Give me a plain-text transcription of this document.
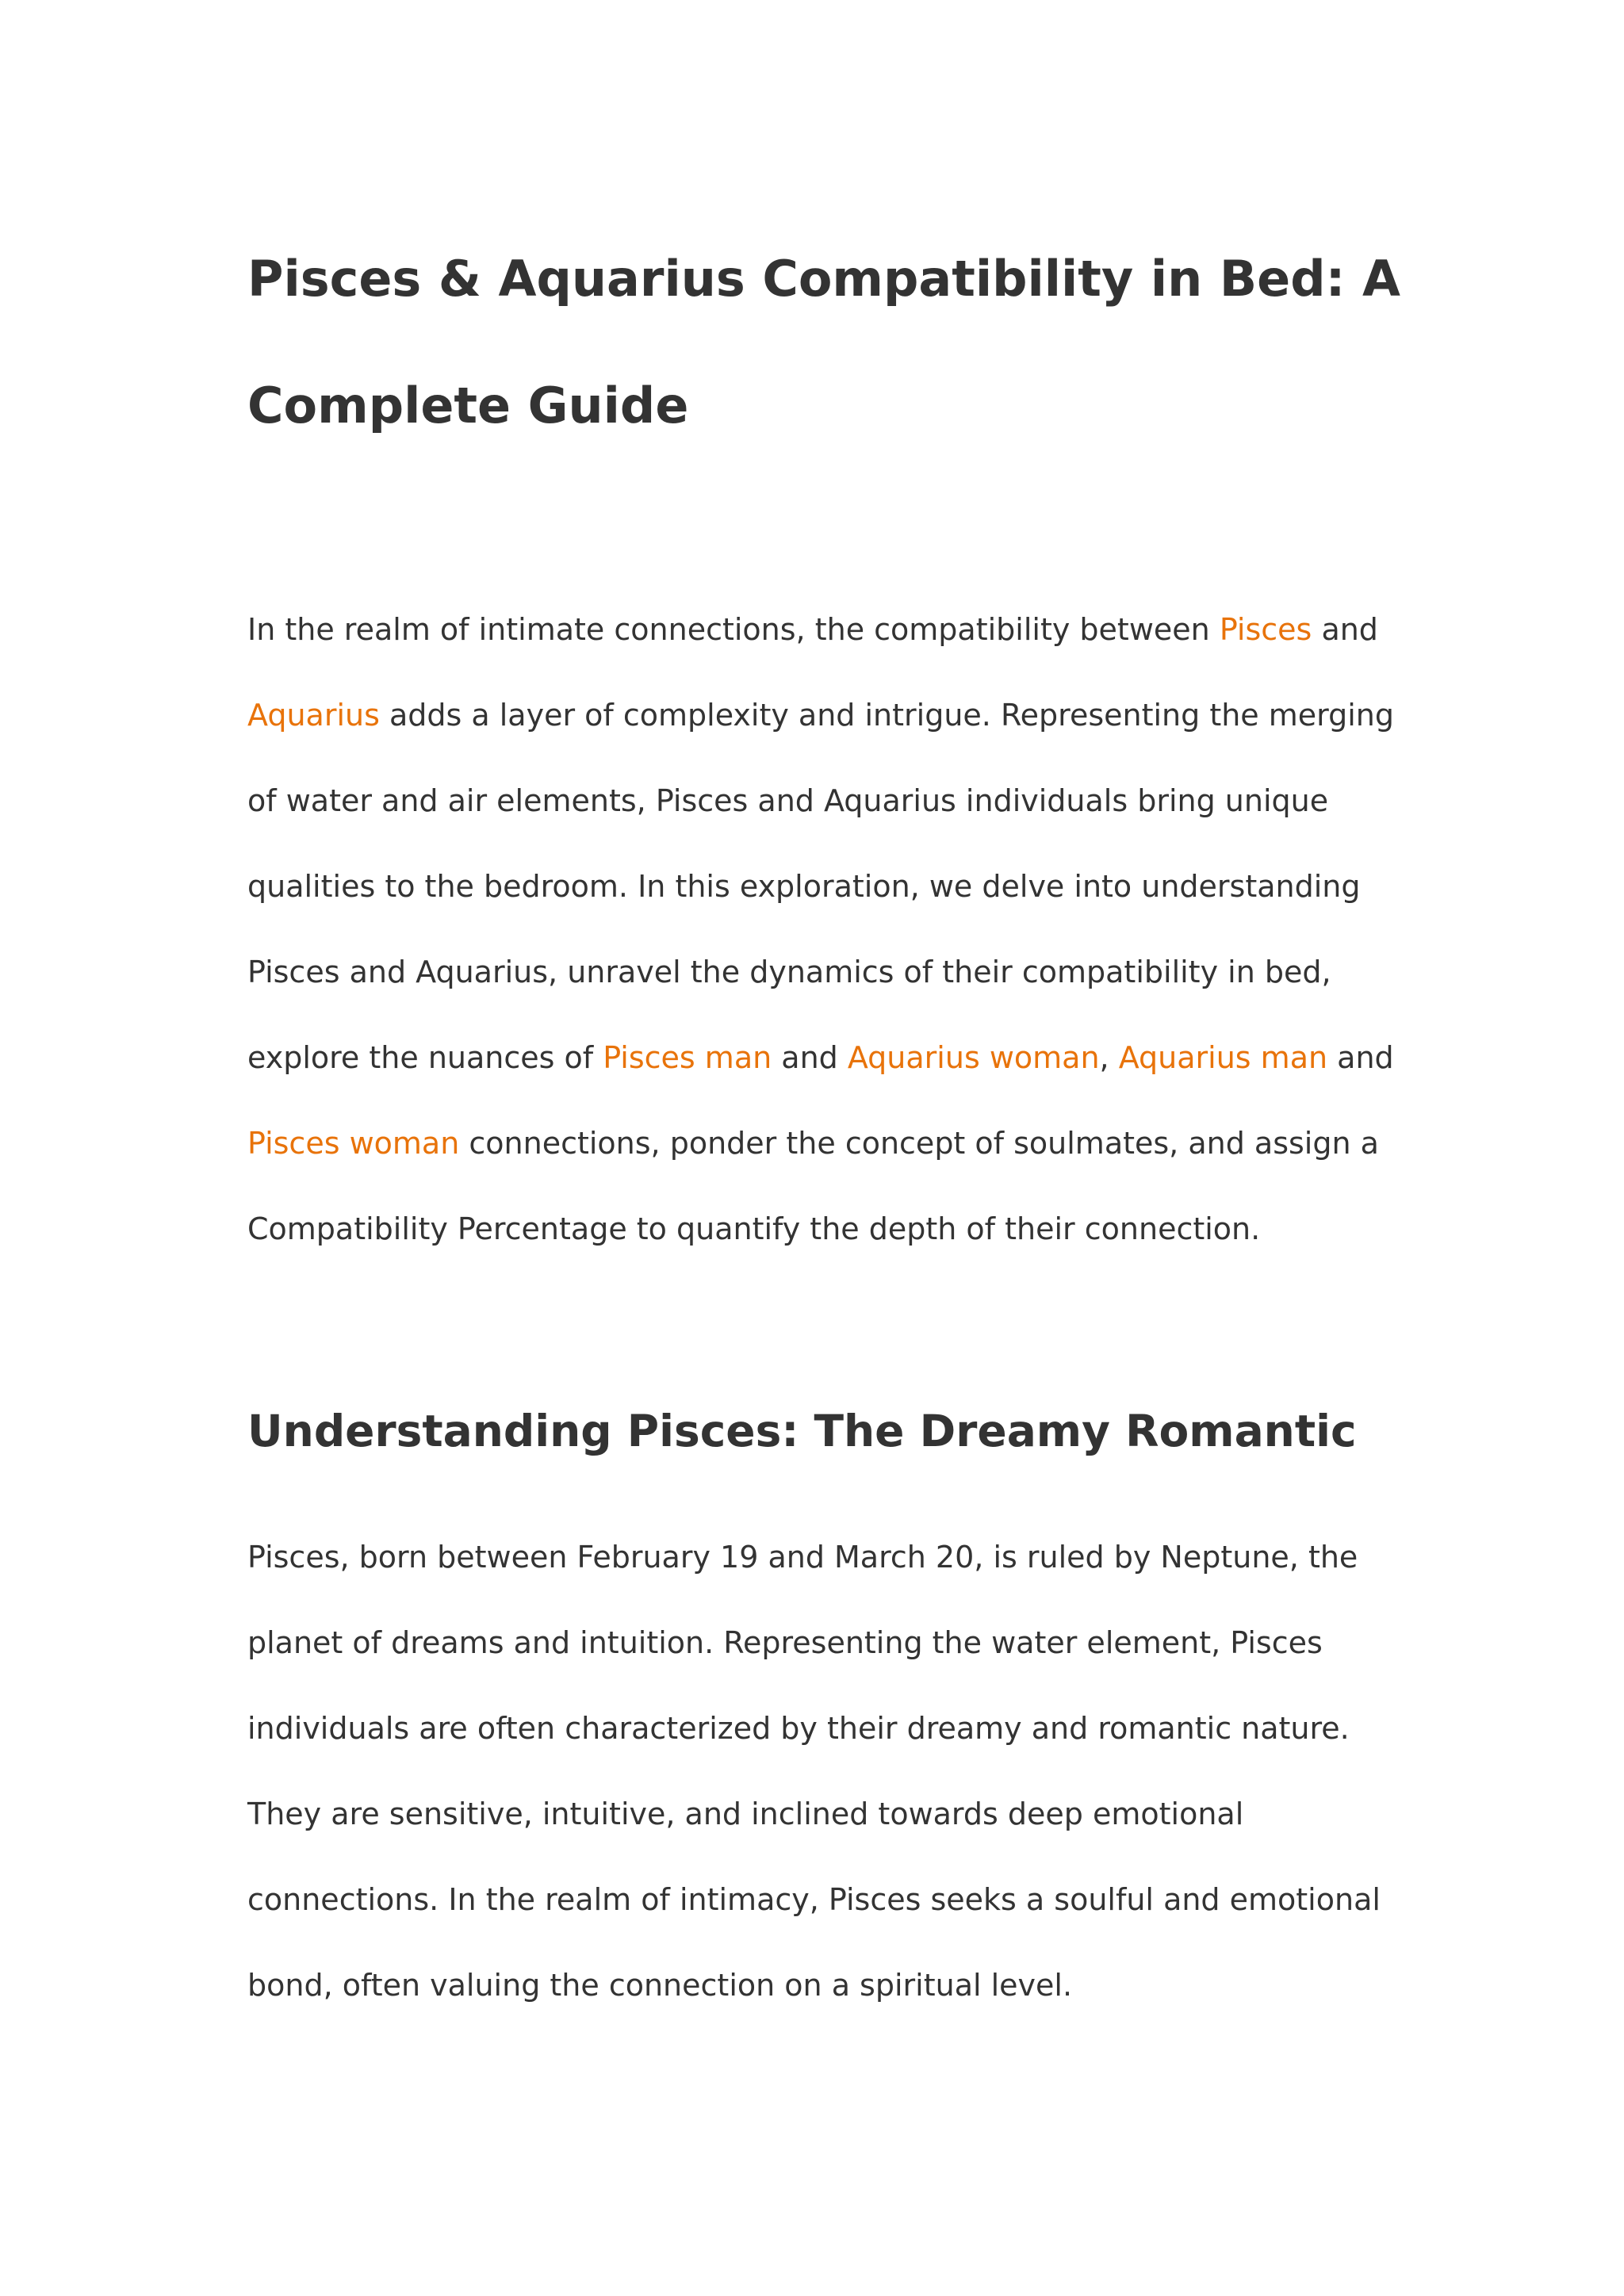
Pisces & Aquarius Compatibility in Bed: A Complete Guide

In the realm of intimate connections, the compatibility between Pisces and Aquarius adds a layer of complexity and intrigue. Representing the merging of water and air elements, Pisces and Aquarius individuals bring unique qualities to the bedroom. In this exploration, we delve into understanding Pisces and Aquarius, unravel the dynamics of their compatibility in bed, explore the nuances of Pisces man and Aquarius woman, Aquarius man and Pisces woman connections, ponder the concept of soulmates, and assign a Compatibility Percentage to quantify the depth of their connection.

Understanding Pisces: The Dreamy Romantic

Pisces, born between February 19 and March 20, is ruled by Neptune, the planet of dreams and intuition. Representing the water element, Pisces individuals are often characterized by their dreamy and romantic nature. They are sensitive, intuitive, and inclined towards deep emotional connections. In the realm of intimacy, Pisces seeks a soulful and emotional bond, often valuing the connection on a spiritual level.
